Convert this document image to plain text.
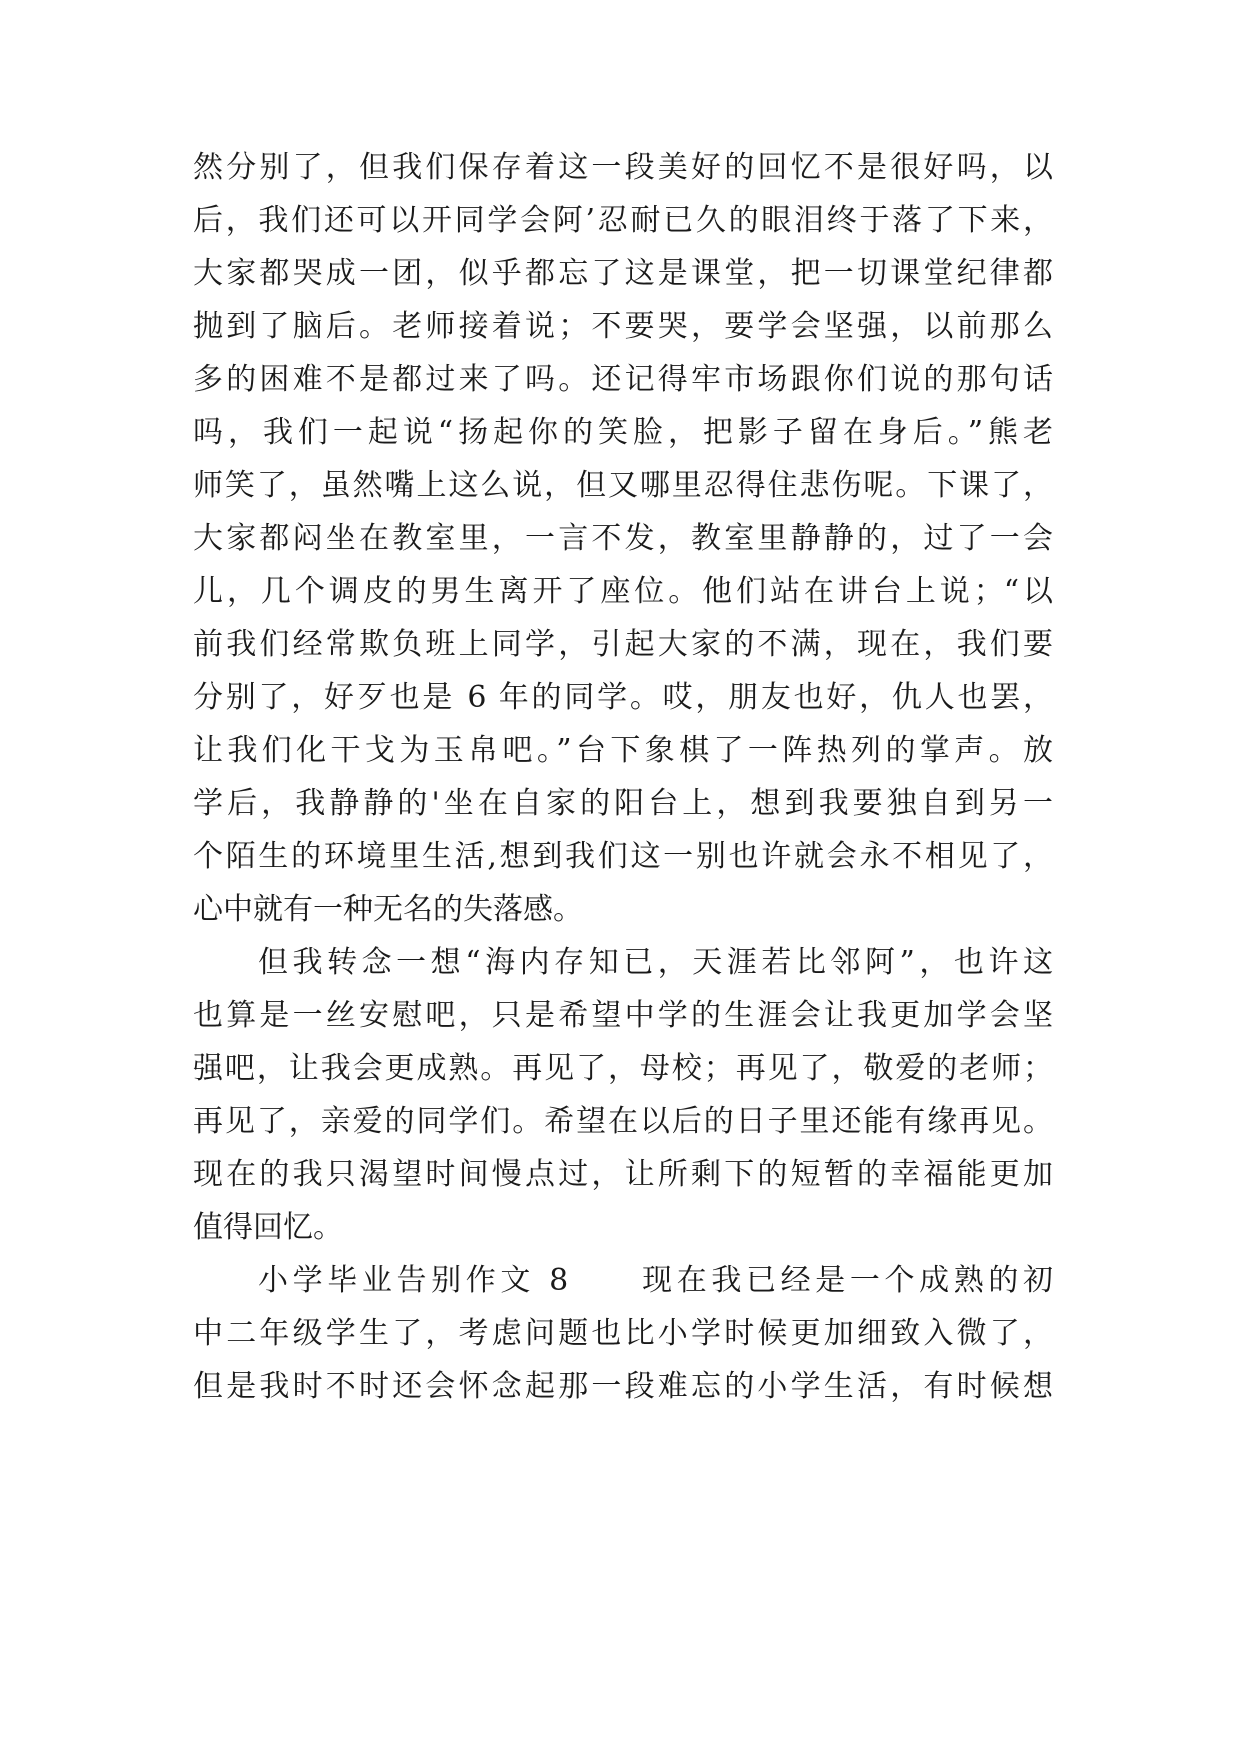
然分别了，但我们保存着这一段美好的回忆不是很好吗，以
后，我们还可以开同学会阿’忍耐已久的眼泪终于落了下来，
大家都哭成一团，似乎都忘了这是课堂，把一切课堂纪律都
抛到了脑后。老师接着说；不要哭，要学会坚强，以前那么
多的困难不是都过来了吗。还记得牢市场跟你们说的那句话
吗，我们一起说“扬起你的笑脸，把影子留在身后。”熊老
师笑了，虽然嘴上这么说，但又哪里忍得住悲伤呢。下课了，
大家都闷坐在教室里，一言不发，教室里静静的，过了一会
儿，几个调皮的男生离开了座位。他们站在讲台上说；“以
前我们经常欺负班上同学，引起大家的不满，现在，我们要
分别了，好歹也是 6 年的同学。哎，朋友也好，仇人也罢，
让我们化干戈为玉帛吧。”台下象棋了一阵热列的掌声。放
学后，我静静的'坐在自家的阳台上，想到我要独自到另一
个陌生的环境里生活,想到我们这一别也许就会永不相见了，
心中就有一种无名的失落感。
但我转念一想“海内存知已，天涯若比邻阿”，也许这
也算是一丝安慰吧，只是希望中学的生涯会让我更加学会坚
强吧，让我会更成熟。再见了，母校；再见了，敬爱的老师；
再见了，亲爱的同学们。希望在以后的日子里还能有缘再见。
现在的我只渴望时间慢点过，让所剩下的短暂的幸福能更加
值得回忆。
小学毕业告别作文 8　　现在我已经是一个成熟的初
中二年级学生了，考虑问题也比小学时候更加细致入微了，
但是我时不时还会怀念起那一段难忘的小学生活，有时候想
